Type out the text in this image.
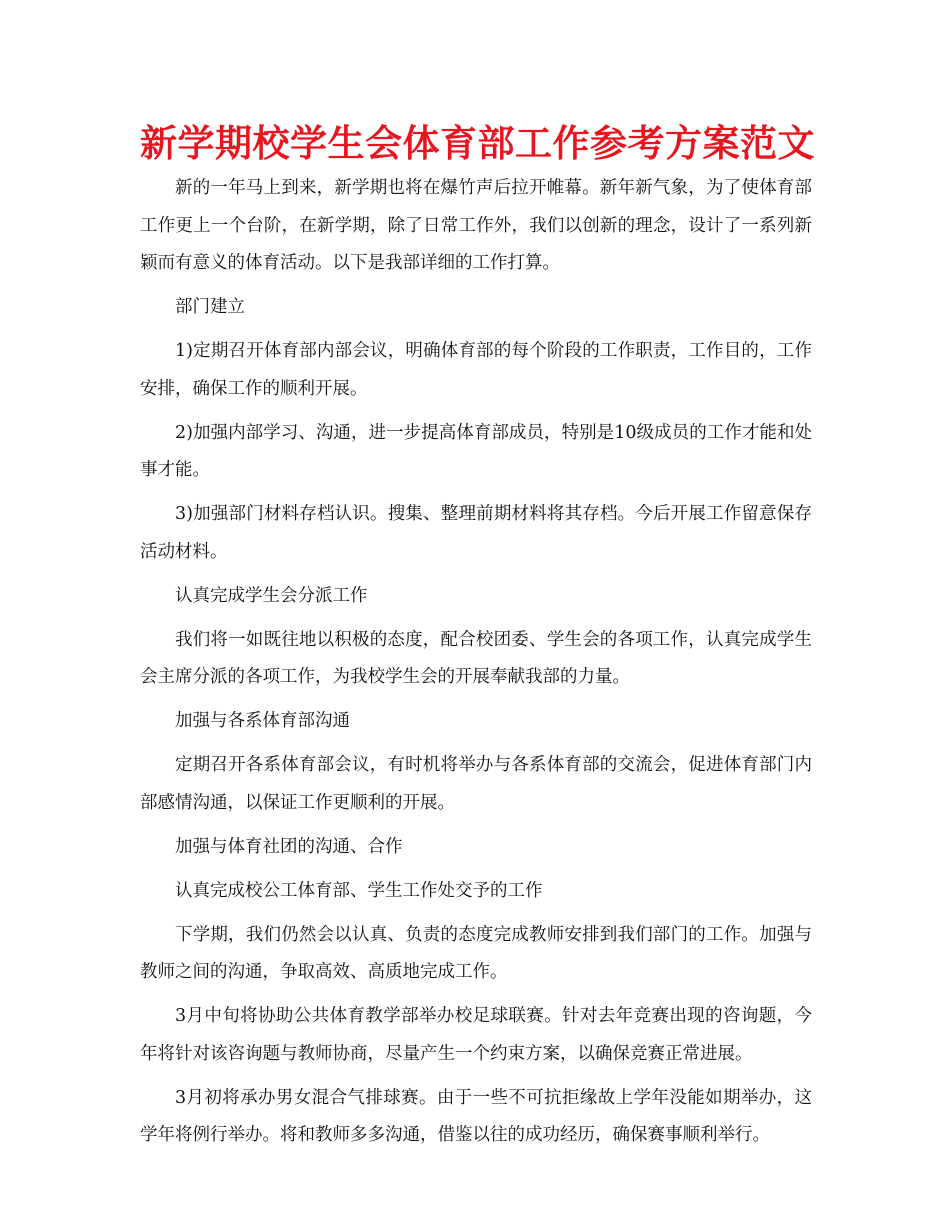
新学期校学生会体育部工作参考方案范文

新的一年马上到来，新学期也将在爆竹声后拉开帷幕。新年新气象，为了使体育部工作更上一个台阶，在新学期，除了日常工作外，我们以创新的理念，设计了一系列新颖而有意义的体育活动。以下是我部详细的工作打算。

部门建立

1)定期召开体育部内部会议，明确体育部的每个阶段的工作职责，工作目的，工作安排，确保工作的顺利开展。

2)加强内部学习、沟通，进一步提高体育部成员，特别是10级成员的工作才能和处事才能。

3)加强部门材料存档认识。搜集、整理前期材料将其存档。今后开展工作留意保存活动材料。

认真完成学生会分派工作

我们将一如既往地以积极的态度，配合校团委、学生会的各项工作，认真完成学生会主席分派的各项工作，为我校学生会的开展奉献我部的力量。

加强与各系体育部沟通

定期召开各系体育部会议，有时机将举办与各系体育部的交流会，促进体育部门内部感情沟通，以保证工作更顺利的开展。

加强与体育社团的沟通、合作

认真完成校公工体育部、学生工作处交予的工作

下学期，我们仍然会以认真、负责的态度完成教师安排到我们部门的工作。加强与教师之间的沟通，争取高效、高质地完成工作。

3月中旬将协助公共体育教学部举办校足球联赛。针对去年竞赛出现的咨询题，今年将针对该咨询题与教师协商，尽量产生一个约束方案，以确保竞赛正常进展。

3月初将承办男女混合气排球赛。由于一些不可抗拒缘故上学年没能如期举办，这学年将例行举办。将和教师多多沟通，借鉴以往的成功经历，确保赛事顺利举行。
